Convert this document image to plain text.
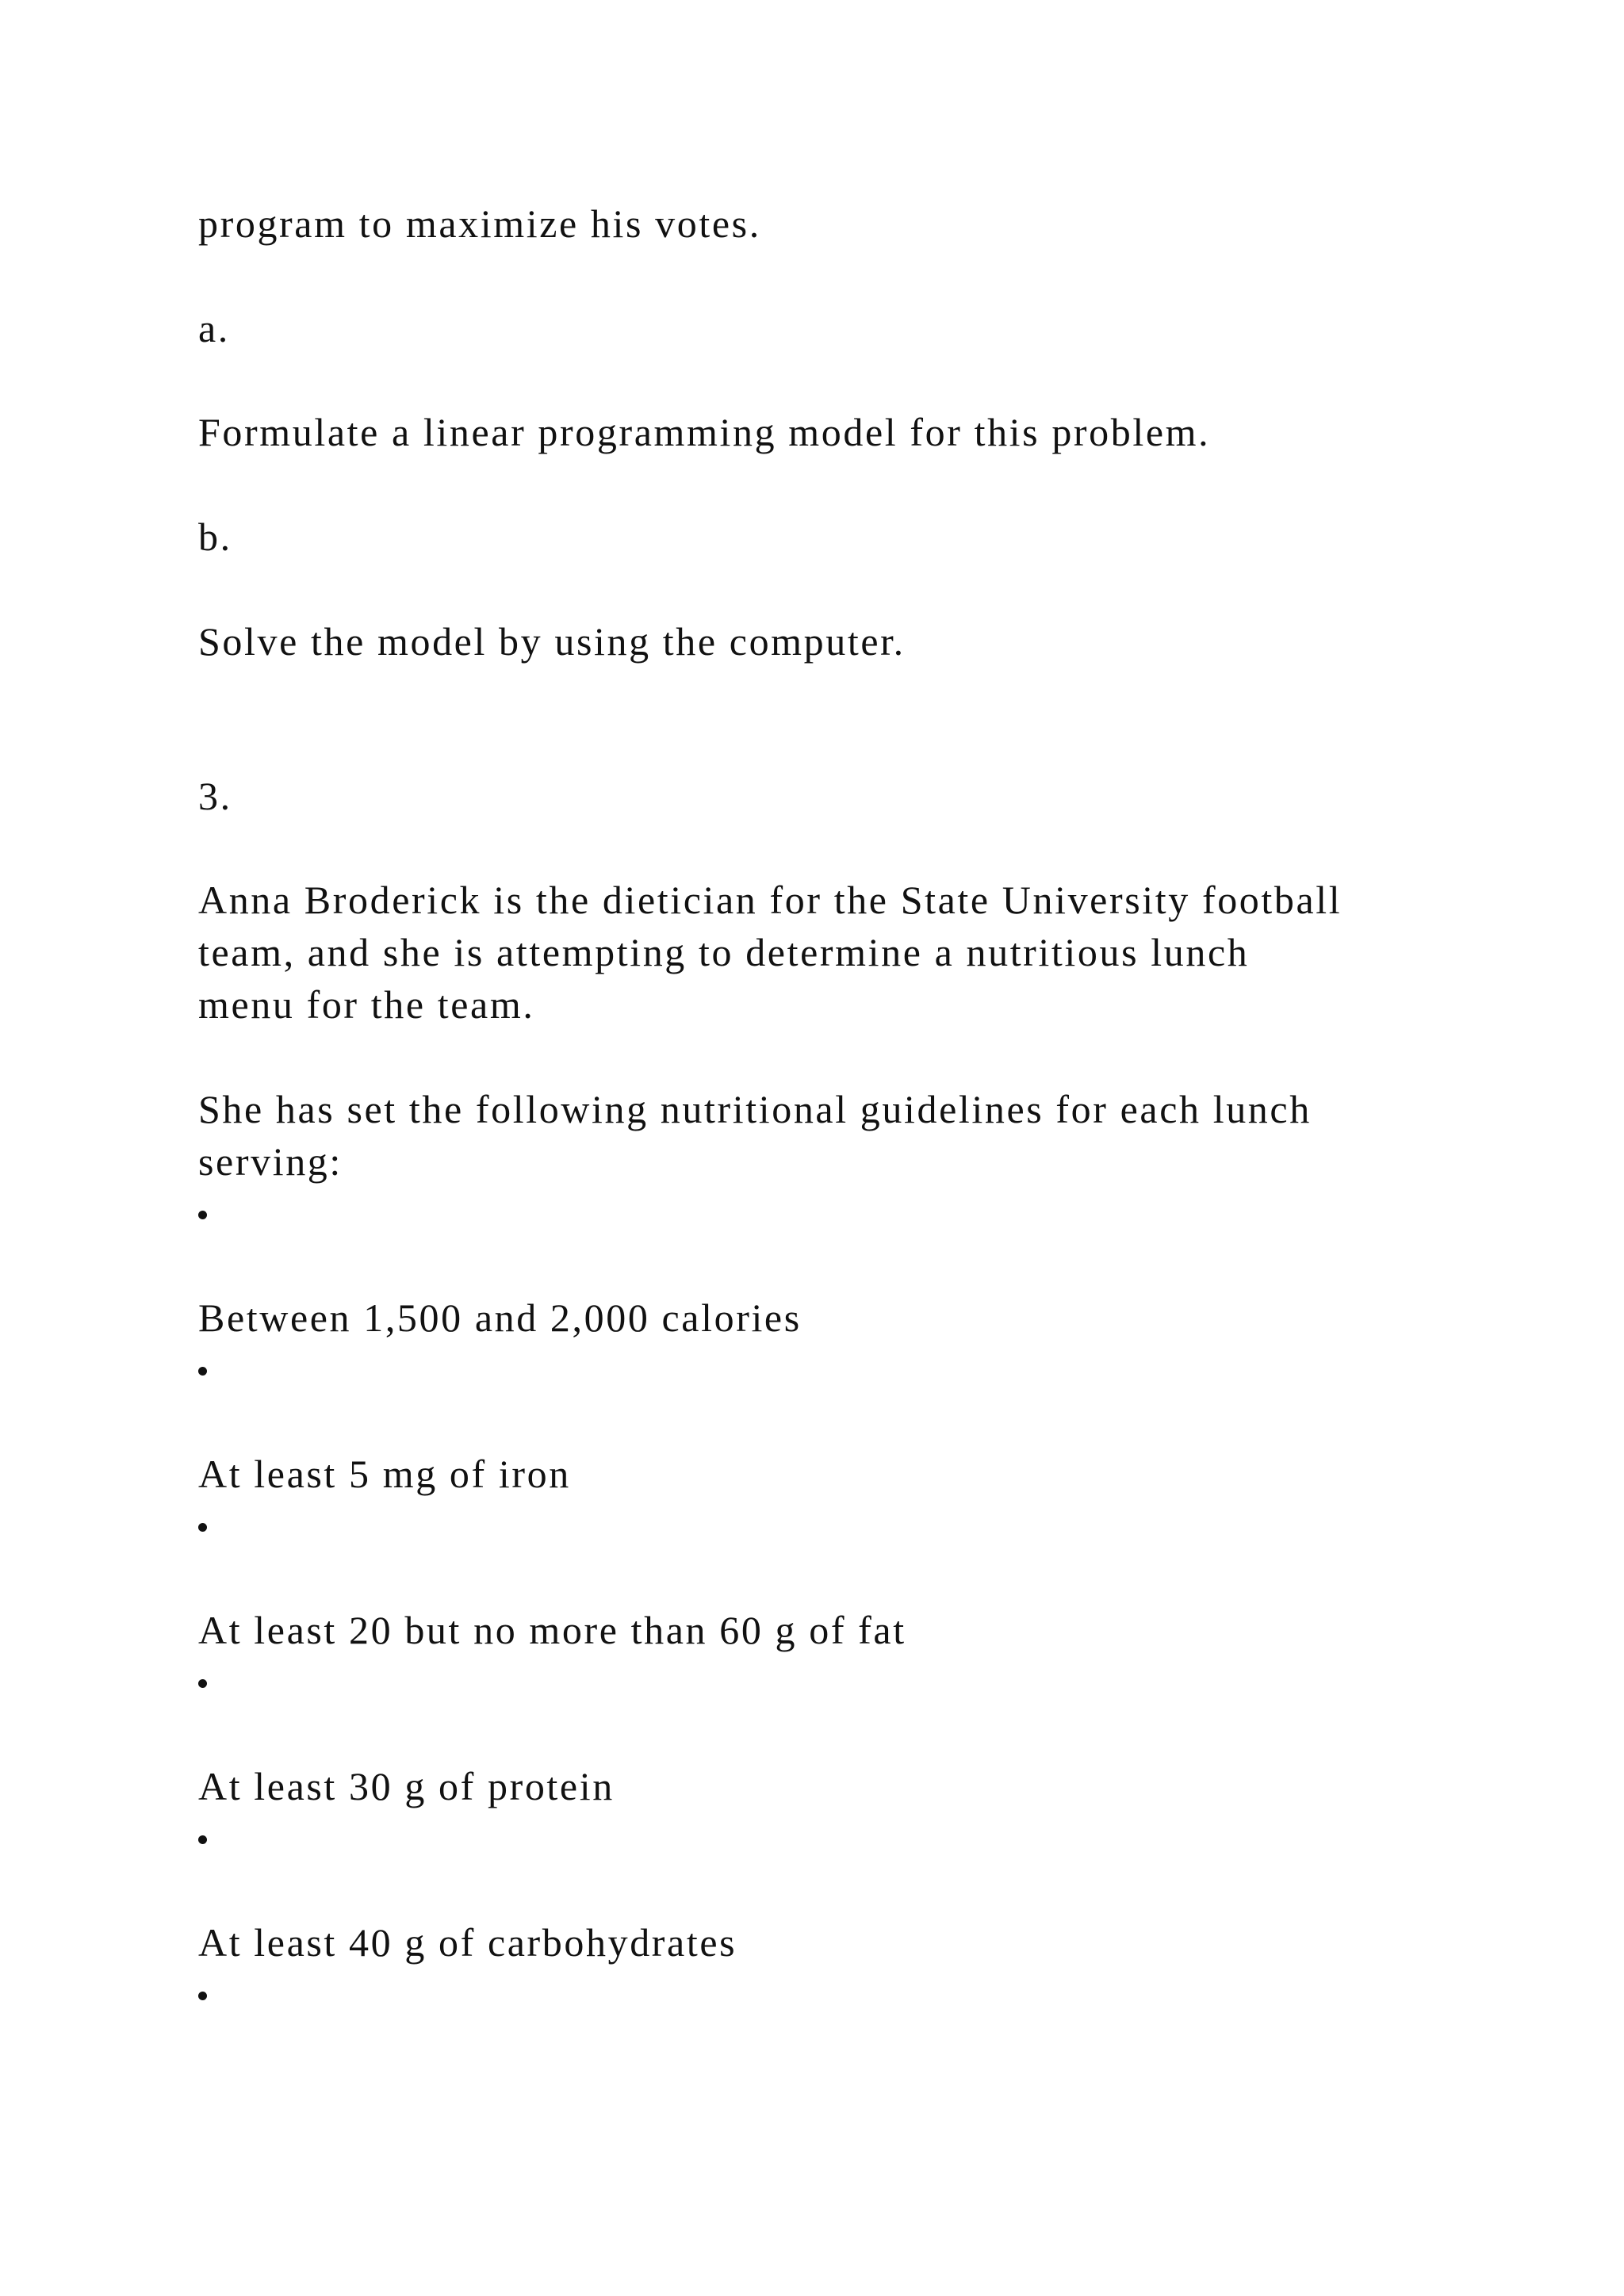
program to maximize his votes.

a.

Formulate a linear programming model for this problem.

b.

Solve the model by using the computer.

3.

Anna Broderick is the dietician for the State University football

team, and she is attempting to determine a nutritious lunch

menu for the team.

She has set the following nutritional guidelines for each lunch

serving:

Between 1,500 and 2,000 calories

At least 5 mg of iron

At least 20 but no more than 60 g of fat

At least 30 g of protein

At least 40 g of carbohydrates
